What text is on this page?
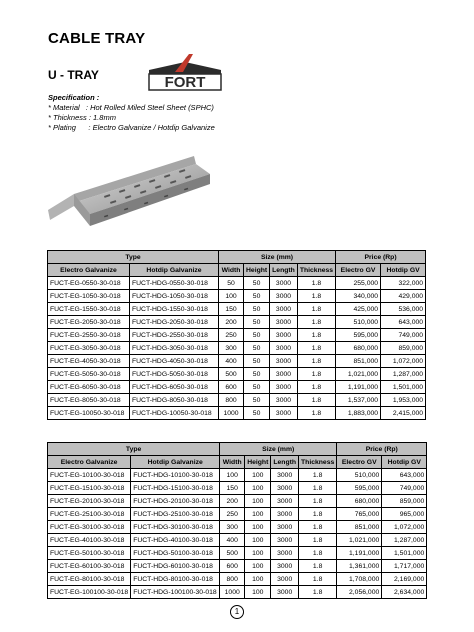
CABLE TRAY
U - TRAY	FORT
Specification :
* Material   : Hot Rolled Miled Steel Sheet (SPHC)
* Thickness : 1.8mm
* Plating      : Electro Galvanize / Hotdip Galvanize
Type		Size (mm)				Price (Rp)	
Electro Galvanize	Hotdip Galvanize	Width	Height	Length	Thickness	Electro GV	Hotdip GV
FUCT-EG-0550-30-018	FUCT-HDG-0550-30-018	50	50	3000	1.8	255,000	322,000
FUCT-EG-1050-30-018	FUCT-HDG-1050-30-018	100	50	3000	1.8	340,000	429,000
FUCT-EG-1550-30-018	FUCT-HDG-1550-30-018	150	50	3000	1.8	425,000	536,000
FUCT-EG-2050-30-018	FUCT-HDG-2050-30-018	200	50	3000	1.8	510,000	643,000
FUCT-EG-2550-30-018	FUCT-HDG-2550-30-018	250	50	3000	1.8	595,000	749,000
FUCT-EG-3050-30-018	FUCT-HDG-3050-30-018	300	50	3000	1.8	680,000	859,000
FUCT-EG-4050-30-018	FUCT-HDG-4050-30-018	400	50	3000	1.8	851,000	1,072,000
FUCT-EG-5050-30-018	FUCT-HDG-5050-30-018	500	50	3000	1.8	1,021,000	1,287,000
FUCT-EG-6050-30-018	FUCT-HDG-6050-30-018	600	50	3000	1.8	1,191,000	1,501,000
FUCT-EG-8050-30-018	FUCT-HDG-8050-30-018	800	50	3000	1.8	1,537,000	1,953,000
FUCT-EG-10050-30-018	FUCT-HDG-10050-30-018	1000	50	3000	1.8	1,883,000	2,415,000
Type		Size (mm)				Price (Rp)	
Electro Galvanize	Hotdip Galvanize	Width	Height	Length	Thickness	Electro GV	Hotdip GV
FUCT-EG-10100-30-018	FUCT-HDG-10100-30-018	100	100	3000	1.8	510,000	643,000
FUCT-EG-15100-30-018	FUCT-HDG-15100-30-018	150	100	3000	1.8	595,000	749,000
FUCT-EG-20100-30-018	FUCT-HDG-20100-30-018	200	100	3000	1.8	680,000	859,000
FUCT-EG-25100-30-018	FUCT-HDG-25100-30-018	250	100	3000	1.8	765,000	965,000
FUCT-EG-30100-30-018	FUCT-HDG-30100-30-018	300	100	3000	1.8	851,000	1,072,000
FUCT-EG-40100-30-018	FUCT-HDG-40100-30-018	400	100	3000	1.8	1,021,000	1,287,000
FUCT-EG-50100-30-018	FUCT-HDG-50100-30-018	500	100	3000	1.8	1,191,000	1,501,000
FUCT-EG-60100-30-018	FUCT-HDG-60100-30-018	600	100	3000	1.8	1,361,000	1,717,000
FUCT-EG-80100-30-018	FUCT-HDG-80100-30-018	800	100	3000	1.8	1,708,000	2,169,000
FUCT-EG-100100-30-018	FUCT-HDG-100100-30-018	1000	100	3000	1.8	2,056,000	2,634,000
1
